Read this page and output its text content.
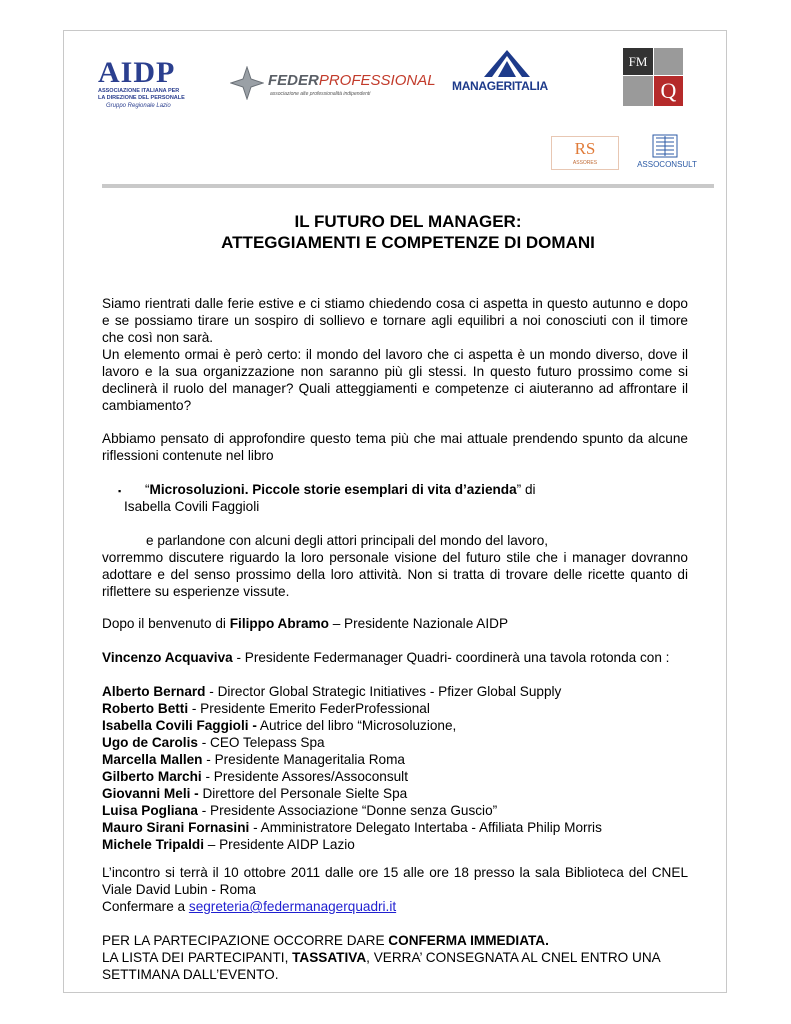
AIDP
ASSOCIAZIONE ITALIANA PER
LA DIREZIONE DEL PERSONALE
Gruppo Regionale Lazio
FEDERPROFESSIONAL
associazione alte professionalità indipendenti
MANAGERITALIA
FM
Q
RS
ASSORES	ASSOCONSULT
IL FUTURO DEL MANAGER:
ATTEGGIAMENTI E COMPETENZE DI DOMANI
Siamo rientrati dalle ferie estive e ci stiamo chiedendo cosa ci aspetta in questo autunno e dopo e se possiamo tirare un sospiro di sollievo e tornare agli equilibri a noi conosciuti con il timore che così non sarà.
Un elemento ormai è però certo: il mondo del lavoro che ci aspetta è un mondo diverso, dove il lavoro e la sua organizzazione non saranno più gli stessi. In questo futuro prossimo come si declinerà il ruolo del manager? Quali atteggiamenti e competenze ci aiuteranno ad affrontare il cambiamento?
Abbiamo pensato di approfondire questo tema più che mai attuale prendendo spunto da alcune riflessioni contenute nel libro
▪ “Microsoluzioni. Piccole storie esemplari di vita d’azienda” di
Isabella Covili Faggioli
e parlandone con alcuni degli attori principali del mondo del lavoro,
vorremmo discutere riguardo la loro personale visione del futuro stile che i manager dovranno adottare e del senso prossimo della loro attività. Non si tratta di trovare delle ricette quanto di riflettere su esperienze vissute.
Dopo il benvenuto di Filippo Abramo – Presidente Nazionale AIDP
Vincenzo Acquaviva - Presidente Federmanager Quadri- coordinerà una tavola rotonda con :
Alberto Bernard - Director Global Strategic Initiatives - Pfizer Global Supply
Roberto Betti - Presidente Emerito FederProfessional
Isabella Covili Faggioli - Autrice del libro “Microsoluzione,
Ugo de Carolis - CEO Telepass Spa
Marcella Mallen - Presidente Manageritalia Roma
Gilberto Marchi - Presidente Assores/Assoconsult
Giovanni Meli - Direttore del Personale Sielte Spa
Luisa Pogliana - Presidente Associazione “Donne senza Guscio”
Mauro Sirani Fornasini - Amministratore Delegato Intertaba - Affiliata Philip Morris
Michele Tripaldi – Presidente AIDP Lazio
L’incontro si terrà il 10 ottobre 2011 dalle ore 15 alle ore 18 presso la sala Biblioteca del CNEL Viale David Lubin - Roma
Confermare a segreteria@federmanagerquadri.it
PER LA PARTECIPAZIONE OCCORRE DARE CONFERMA IMMEDIATA.
LA LISTA DEI PARTECIPANTI, TASSATIVA, VERRA’ CONSEGNATA AL CNEL ENTRO UNA SETTIMANA DALL’EVENTO.
